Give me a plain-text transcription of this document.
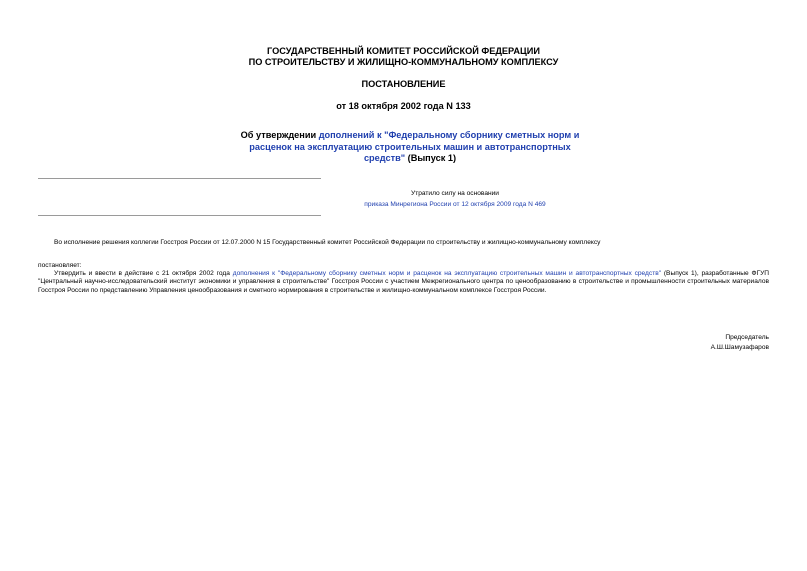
ГОСУДАРСТВЕННЫЙ КОМИТЕТ РОССИЙСКОЙ ФЕДЕРАЦИИ
ПО СТРОИТЕЛЬСТВУ И ЖИЛИЩНО-КОММУНАЛЬНОМУ КОМПЛЕКСУ
ПОСТАНОВЛЕНИЕ
от 18 октября 2002 года N 133
Об утверждении дополнений к "Федеральному сборнику сметных норм и расценок на эксплуатацию строительных машин и автотранспортных средств" (Выпуск 1)
Утратило силу на основании
приказа Минрегиона России от 12 октября 2009 года N 469
Во исполнение решения коллегии Госстроя России от 12.07.2000 N 15 Государственный комитет Российской Федерации по строительству и жилищно-коммунальному комплексу
постановляет:
Утвердить и ввести в действие с 21 октября 2002 года дополнения к "Федеральному сборнику сметных норм и расценок на эксплуатацию строительных машин и автотранспортных средств" (Выпуск 1), разработанные ФГУП "Центральный научно-исследовательский институт экономики и управления в строительстве" Госстроя России с участием Межрегионального центра по ценообразованию в строительстве и промышленности строительных материалов Госстроя России по представлению Управления ценообразования и сметного нормирования в строительстве и жилищно-коммунальном комплексе Госстроя России.
Председатель
А.Ш.Шамузафаров
